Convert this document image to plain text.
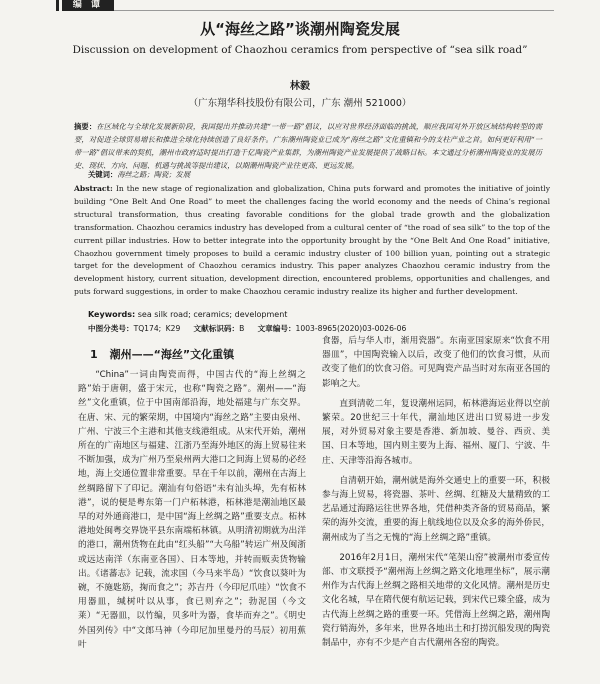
编 谭
从“海丝之路”谈潮州陶瓷发展
Discussion on development of Chaozhou ceramics from perspective of “sea silk road”
林毅
（广东翔华科技股份有限公司，广东 潮州 521000）
摘要：在区域化与全球化发展新阶段，我国提出并推动共建“一带一路”倡议，以应对世界经济面临的挑战，顺应我国对外开放区域结构转型的需要，对促进全球贸易增长和推进全球化持续创造了良好条件。广东潮州陶瓷业已成为“海丝之路”文化重镇和今的支柱产业之首。如何更好利用“一带一路”倡议带来的契机，潮州市政府适时提出打造千亿陶瓷产业集群，为潮州陶瓷产业发展提供了战略目标。本文通过分析潮州陶瓷业的发展历史、现状、方向、问题、机遇与挑战等提出建议，以期潮州陶瓷产业往更高、更远发展。
关键词：海丝之路；陶瓷；发展
Abstract: In the new stage of regionalization and globalization, China puts forward and promotes the initiative of jointly building “One Belt And One Road” to meet the challenges facing the world economy and the needs of China’s regional structural transformation, thus creating favorable conditions for the global trade growth and the globalization transformation. Chaozhou ceramics industry has developed from a cultural center of “the road of sea silk” to the top of the current pillar industries. How to better integrate into the opportunity brought by the “One Belt And One Road” initiative, Chaozhou government timely proposes to build a ceramic industry cluster of 100 billion yuan, pointing out a strategic target for the development of Chaozhou ceramics industry. This paper analyzes Chaozhou ceramic industry from the development history, current situation, development direction, encountered problems, opportunities and challenges, and puts forward suggestions, in order to make Chaozhou ceramic industry realize its higher and further development.
Keywords: sea silk road; ceramics; development
中图分类号：TQ174; K29 文献标识码：B 文章编号：1003-8965(2020)03-0026-06
1 潮州——“海丝”文化重镇

“China”一词由陶瓷而得，中国古代的“海上丝绸之路”始于唐朝，盛于宋元，也称“陶瓷之路”。潮州——“海丝”文化重镇，位于中国南部沿海，地处福建与广东交界。在唐、宋、元的繁荣期，中国境内“海丝之路”主要由泉州、广州、宁波三个主港和其他支线港组成。从宋代开始，潮州所在的广南地区与福建、江浙乃至海外地区的海上贸易往来不断加强，成为广州乃至泉州两大港口之间海上贸易的必经地，海上交通位置非常重要。早在千年以前，潮州在古海上丝绸路留下了印记。潮汕有句俗语“未有汕头埠，先有柘林港”，说的便是粤东第一门户柘林港，柘林港是潮汕地区最早的对外通商港口，是中国“海上丝绸之路”重要支点。柘林港地处闽粤交界饶平县东南端柘林镇。从明清初期就为出洋的港口，潮州货物在此由“红头船”“大乌船”转运广州及闽浙或远达南洋（东南亚各国）、日本等地，并转而贩卖货物输出。《诸蕃志》记载，流求国（今马来半岛）“饮食以葵叶为碗，不施匙筋，掬而食之”；苏吉丹（今印尼爪哇）“饮食不用器皿，缄树叶以从事，食已则弃之”；勃泥国（今文莱）“无器皿，以竹编，贝多叶为器，食毕而弃之”。《明史外国列传》中“文郎马神（今印尼加里曼丹的马辰）初用蕉叶

食器，后与华人市，渐用瓷器”。东南亚国家原来“饮食不用器皿”，中国陶瓷输入以后，改变了他们的饮食习惯，从而改变了他们的饮食习俗。可见陶瓷产品当时对东南亚各国的影响之大。

直到清乾二年，复设潮州运同，柘林港海运业得以空前繁荣。20世纪三十年代，潮汕地区进出口贸易进一步发展，对外贸易对象主要是香港、新加坡、曼谷、西贡、美国、日本等地，国内则主要为上海、福州、厦门、宁波、牛庄、天津等沿海各城市。

自清朝开始，潮州就是海外交通史上的重要一环，积极参与海上贸易，将瓷器、茶叶、丝绸、红糖及大量精致的工艺品通过海路运往世界各地，凭借种类齐备的贸易商品，繁荣的海外交流，重要的海上航线地位以及众多的海外侨民，潮州成为了当之无愧的“海上丝绸之路”重镇。

2016年2月1日，潮州宋代“笔架山窑”被潮州市委宣传部、市文联授予“潮州海上丝绸之路文化地理坐标”，展示潮州作为古代海上丝绸之路相关地带的文化风情。潮州是历史文化名城，早在隋代便有航运记载，到宋代已臻全盛，成为古代海上丝绸之路的重要一环。凭借海上丝绸之路，潮州陶瓷行销海外，多年来，世界各地出土和打捞沉船发现的陶瓷制品中，亦有不少是产自古代潮州各窑的陶瓷。
